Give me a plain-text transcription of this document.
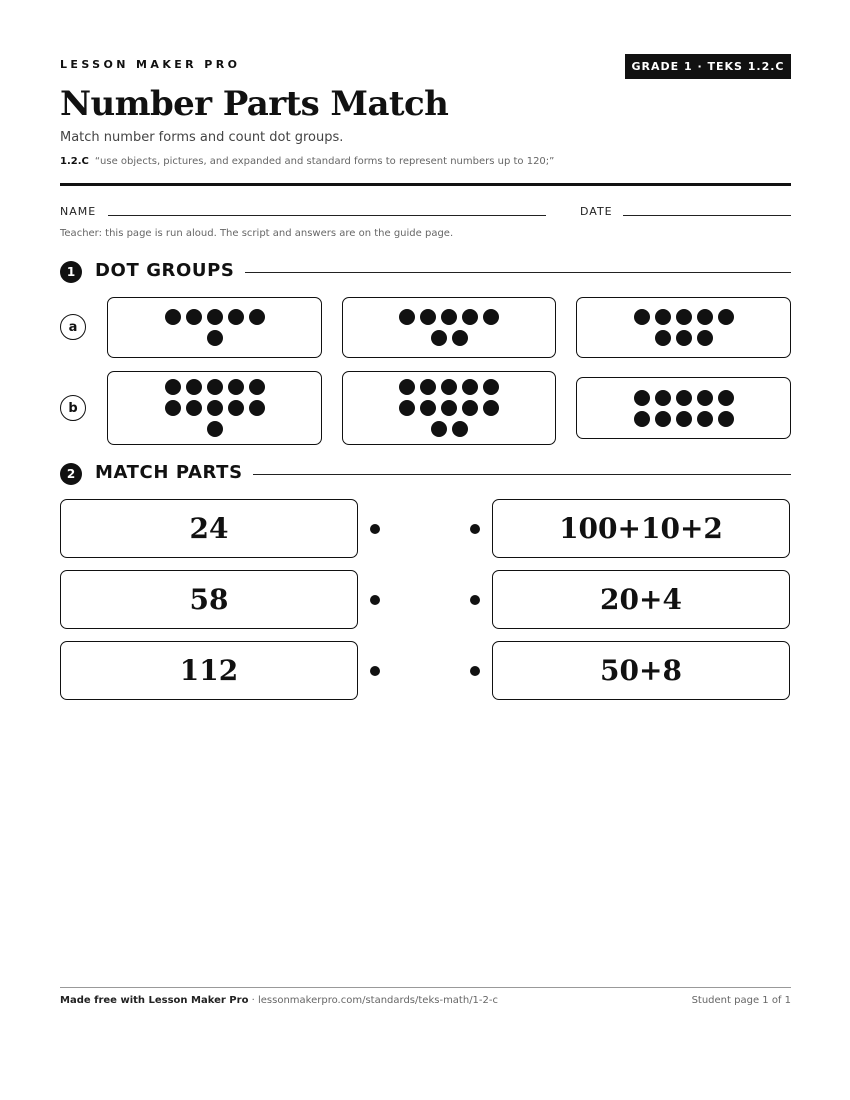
LESSON MAKER PRO	GRADE 1 · TEKS 1.2.C
Number Parts Match
Match number forms and count dot groups.
1.2.C “use objects, pictures, and expanded and standard forms to represent numbers up to 120;”
NAME	DATE
Teacher: this page is run aloud. The script and answers are on the guide page.
1	DOT GROUPS
a
b
2	MATCH PARTS
24	100+10+2
58	20+4
112	50+8
Made free with Lesson Maker Pro · lessonmakerpro.com/standards/teks-math/1-2-c	Student page 1 of 1
